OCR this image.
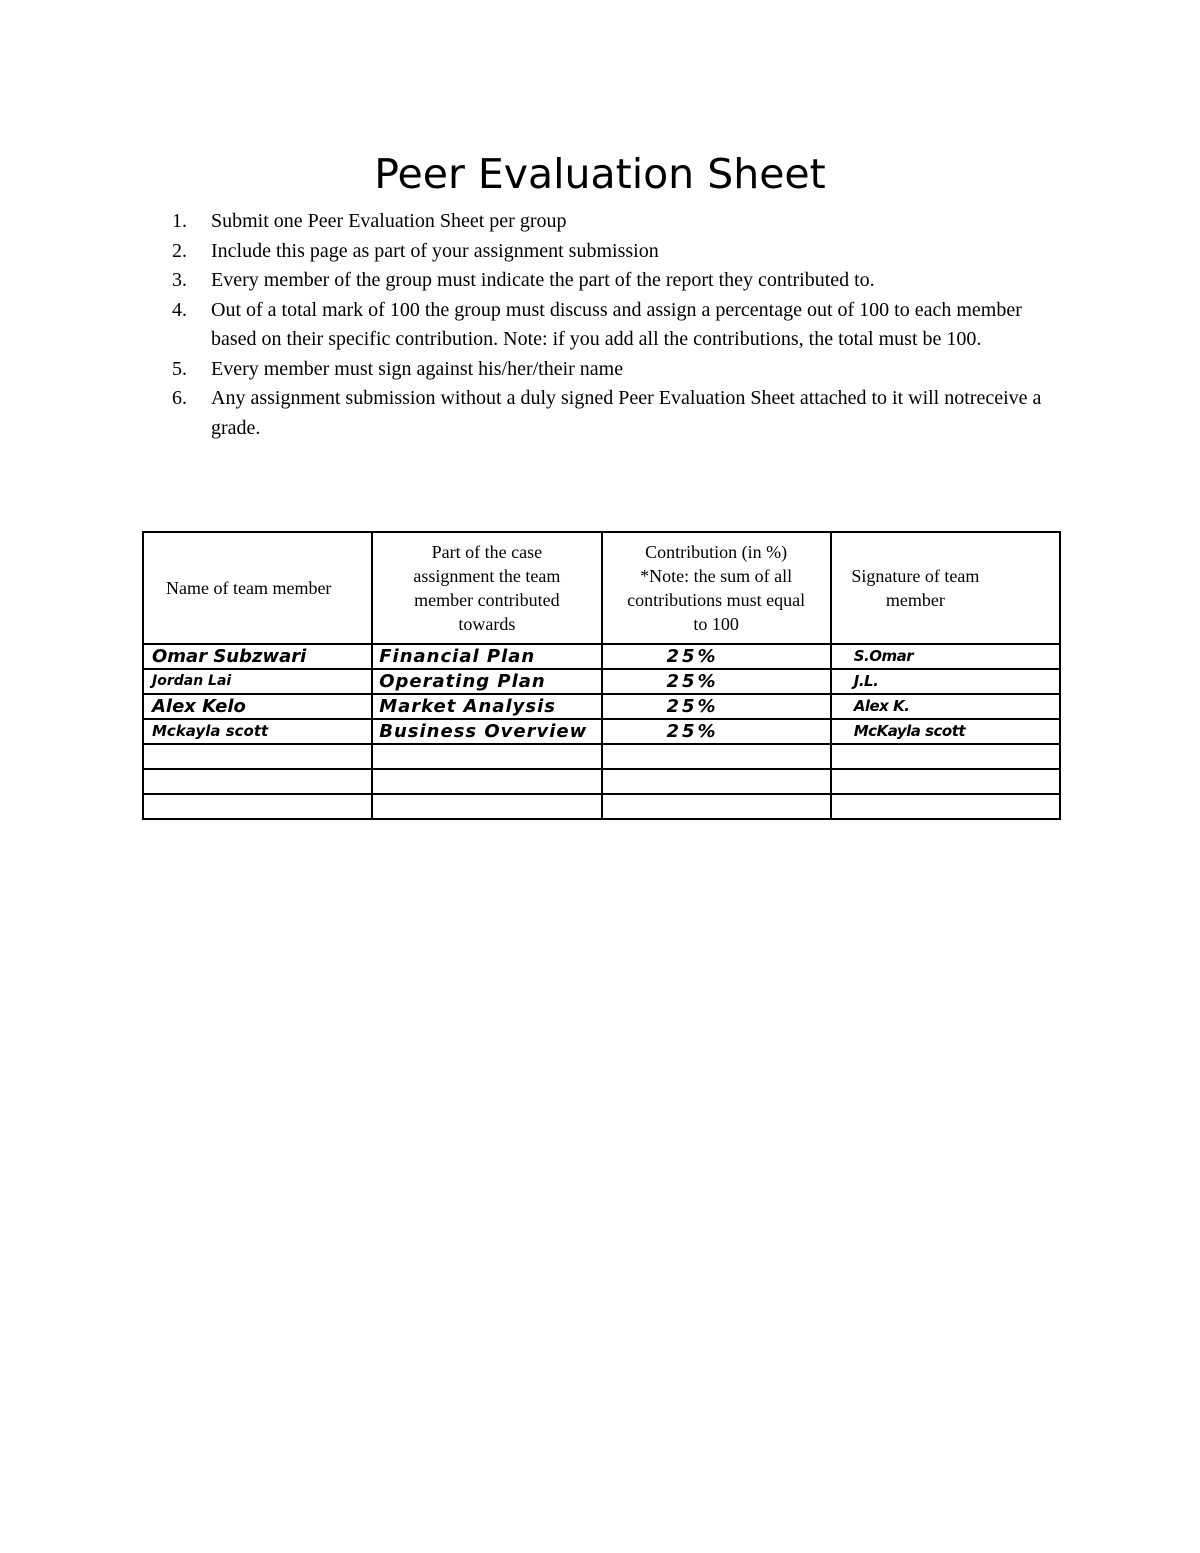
Peer Evaluation Sheet
1.	Submit one Peer Evaluation Sheet per group
2.	Include this page as part of your assignment submission
3.	Every member of the group must indicate the part of the report they contributed to.
4.	Out of a total mark of 100 the group must discuss and assign a percentage out of 100 to each member based on their specific contribution. Note: if you add all the contributions, the total must be 100.
5.	Every member must sign against his/her/their name
6.	Any assignment submission without a duly signed Peer Evaluation Sheet attached to it will notreceive a grade.
Name of team member	Part of the case assignment the team member contributed towards	Contribution (in %) *Note: the sum of all contributions must equal to 100	Signature of team member
Omar Subzwari	Financial Plan	25%	S.Omar
Jordan Lai	Operating Plan	25%	J.L.
Alex Kelo	Market Analysis	25%	Alex K.
Mckayla scott	Business Overview	25%	McKayla scott
